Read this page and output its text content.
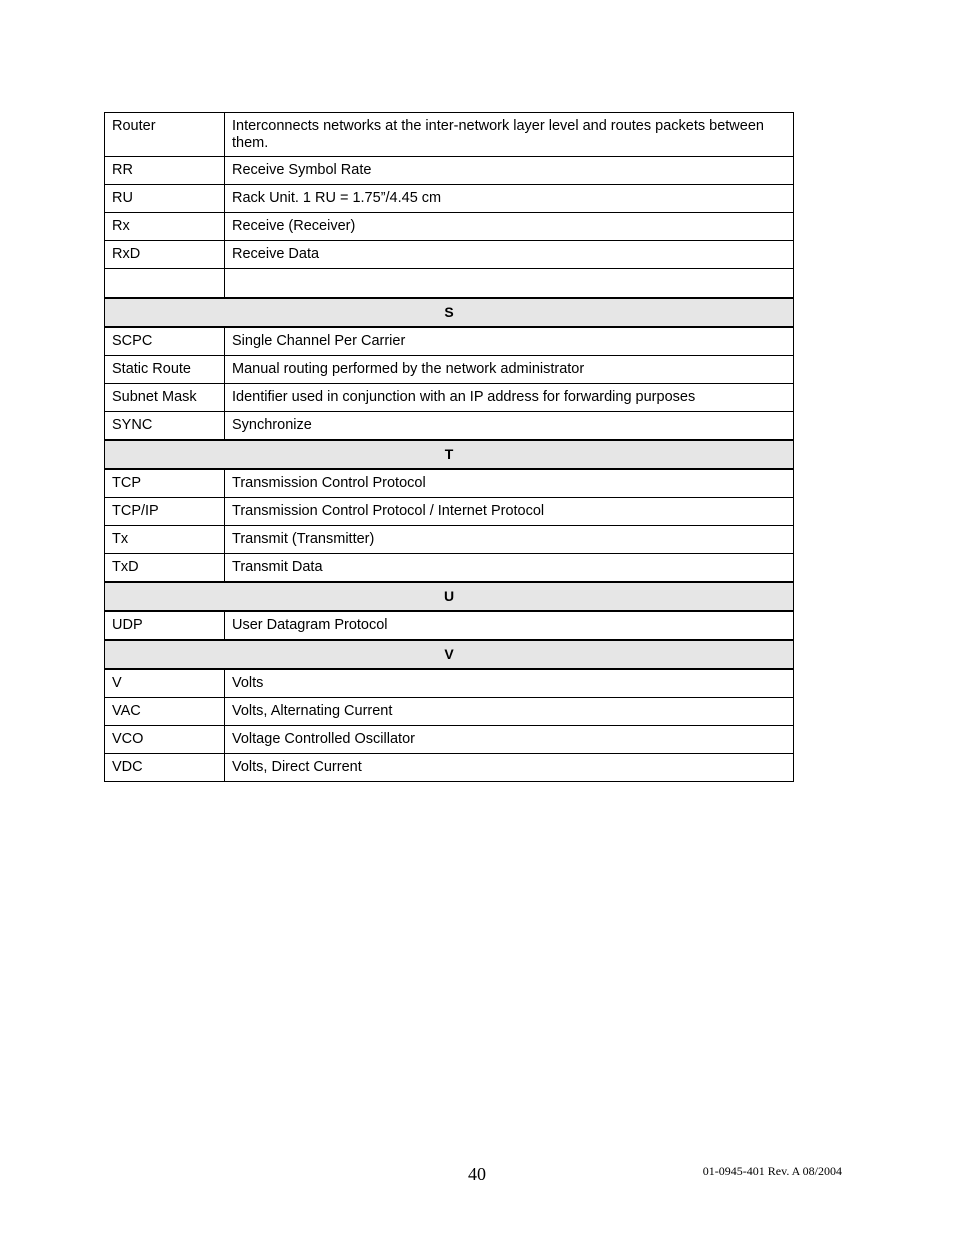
Router	Interconnects networks at the inter-network layer level and routes packets between them.
RR	Receive Symbol Rate
RU	Rack Unit. 1 RU = 1.75”/4.45 cm
Rx	Receive (Receiver)
RxD	Receive Data

S	
SCPC	Single Channel Per Carrier
Static Route	Manual routing performed by the network administrator
Subnet Mask	Identifier used in conjunction with an IP address for forwarding purposes
SYNC	Synchronize
T	
TCP	Transmission Control Protocol
TCP/IP	Transmission Control Protocol / Internet Protocol
Tx	Transmit (Transmitter)
TxD	Transmit Data
U	
UDP	User Datagram Protocol
V	
V	Volts
VAC	Volts, Alternating Current
VCO	Voltage Controlled Oscillator
VDC	Volts, Direct Current
40	01-0945-401 Rev. A 08/2004
